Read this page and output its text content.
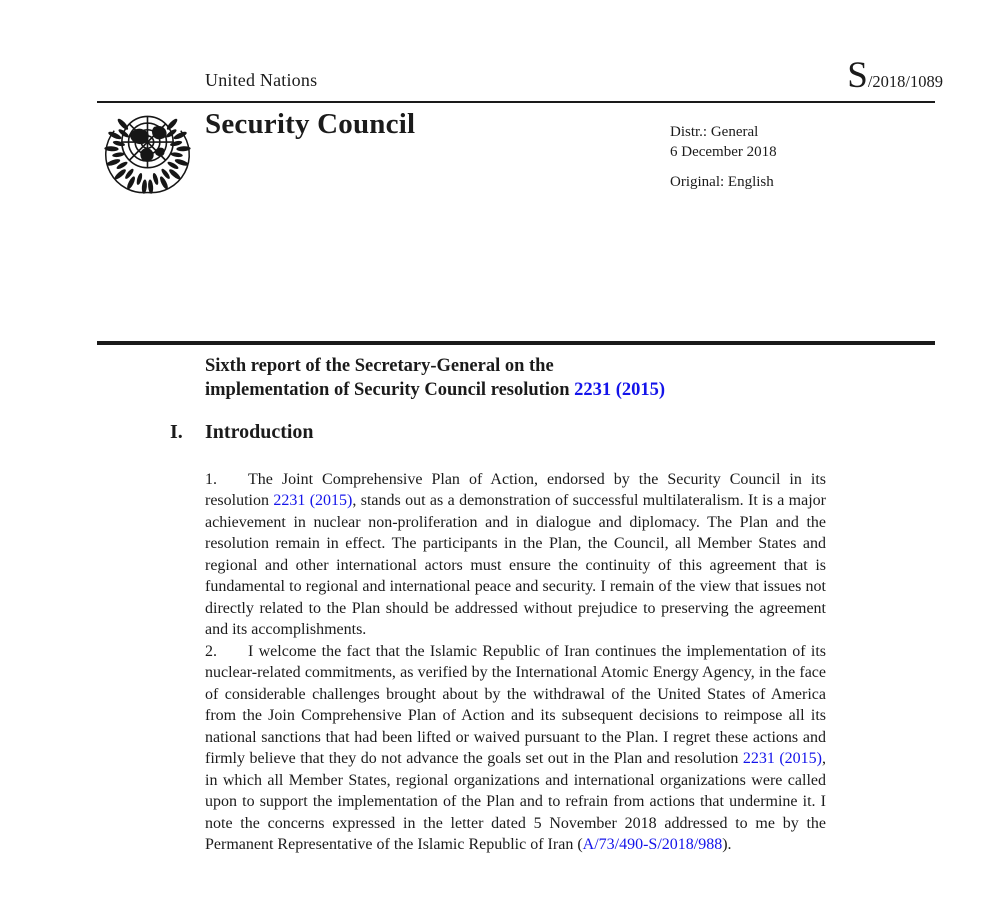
United Nations	S /2018/1089
Security Council	Distr.: General
6 December 2018
Original: English
Sixth report of the Secretary-General on the
implementation of Security Council resolution 2231 (2015)
I. Introduction

1. The Joint Comprehensive Plan of Action, endorsed by the Security Council in its resolution 2231 (2015), stands out as a demonstration of successful multilateralism. It is a major achievement in nuclear non-proliferation and in dialogue and diplomacy. The Plan and the resolution remain in effect. The participants in the Plan, the Council, all Member States and regional and other international actors must ensure the continuity of this agreement that is fundamental to regional and international peace and security. I remain of the view that issues not directly related to the Plan should be addressed without prejudice to preserving the agreement and its accomplishments.

2. I welcome the fact that the Islamic Republic of Iran continues the implementation of its nuclear-related commitments, as verified by the International Atomic Energy Agency, in the face of considerable challenges brought about by the withdrawal of the United States of America from the Join Comprehensive Plan of Action and its subsequent decisions to reimpose all its national sanctions that had been lifted or waived pursuant to the Plan. I regret these actions and firmly believe that they do not advance the goals set out in the Plan and resolution 2231 (2015), in which all Member States, regional organizations and international organizations were called upon to support the implementation of the Plan and to refrain from actions that undermine it. I note the concerns expressed in the letter dated 5 November 2018 addressed to me by the Permanent Representative of the Islamic Republic of Iran (A/73/490-S/2018/988).
